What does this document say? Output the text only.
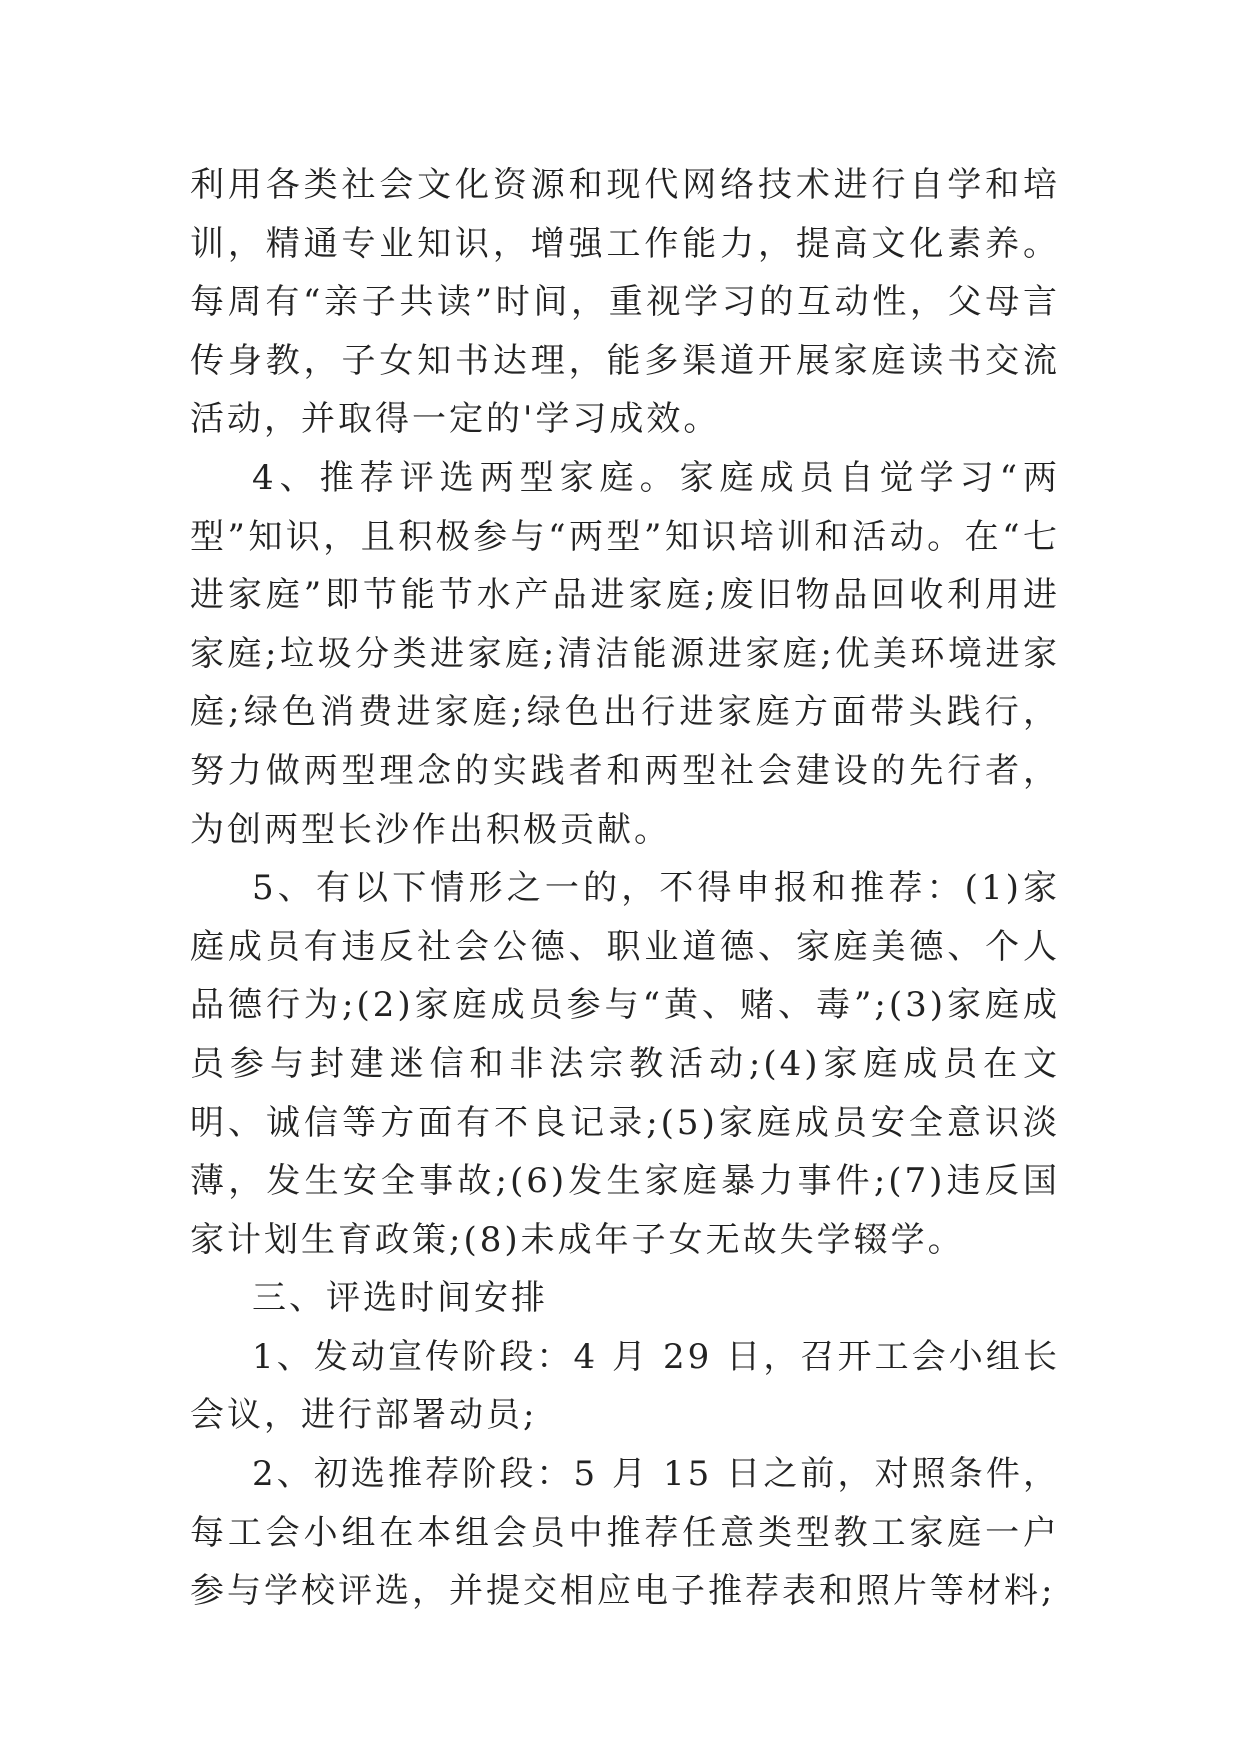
利用各类社会文化资源和现代网络技术进行自学和培训，精通专业知识，增强工作能力，提高文化素养。每周有“亲子共读”时间，重视学习的互动性，父母言传身教，子女知书达理，能多渠道开展家庭读书交流活动，并取得一定的'学习成效。

4、推荐评选两型家庭。家庭成员自觉学习“两型”知识，且积极参与“两型”知识培训和活动。在“七进家庭”即节能节水产品进家庭;废旧物品回收利用进家庭;垃圾分类进家庭;清洁能源进家庭;优美环境进家庭;绿色消费进家庭;绿色出行进家庭方面带头践行，努力做两型理念的实践者和两型社会建设的先行者，为创两型长沙作出积极贡献。

5、有以下情形之一的，不得申报和推荐：(1)家庭成员有违反社会公德、职业道德、家庭美德、个人品德行为;(2)家庭成员参与“黄、赌、毒”;(3)家庭成员参与封建迷信和非法宗教活动;(4)家庭成员在文明、诚信等方面有不良记录;(5)家庭成员安全意识淡薄，发生安全事故;(6)发生家庭暴力事件;(7)违反国家计划生育政策;(8)未成年子女无故失学辍学。

三、评选时间安排

1、发动宣传阶段：4 月 29 日，召开工会小组长会议，进行部署动员;

2、初选推荐阶段：5 月 15 日之前，对照条件，每工会小组在本组会员中推荐任意类型教工家庭一户参与学校评选，并提交相应电子推荐表和照片等材料;
